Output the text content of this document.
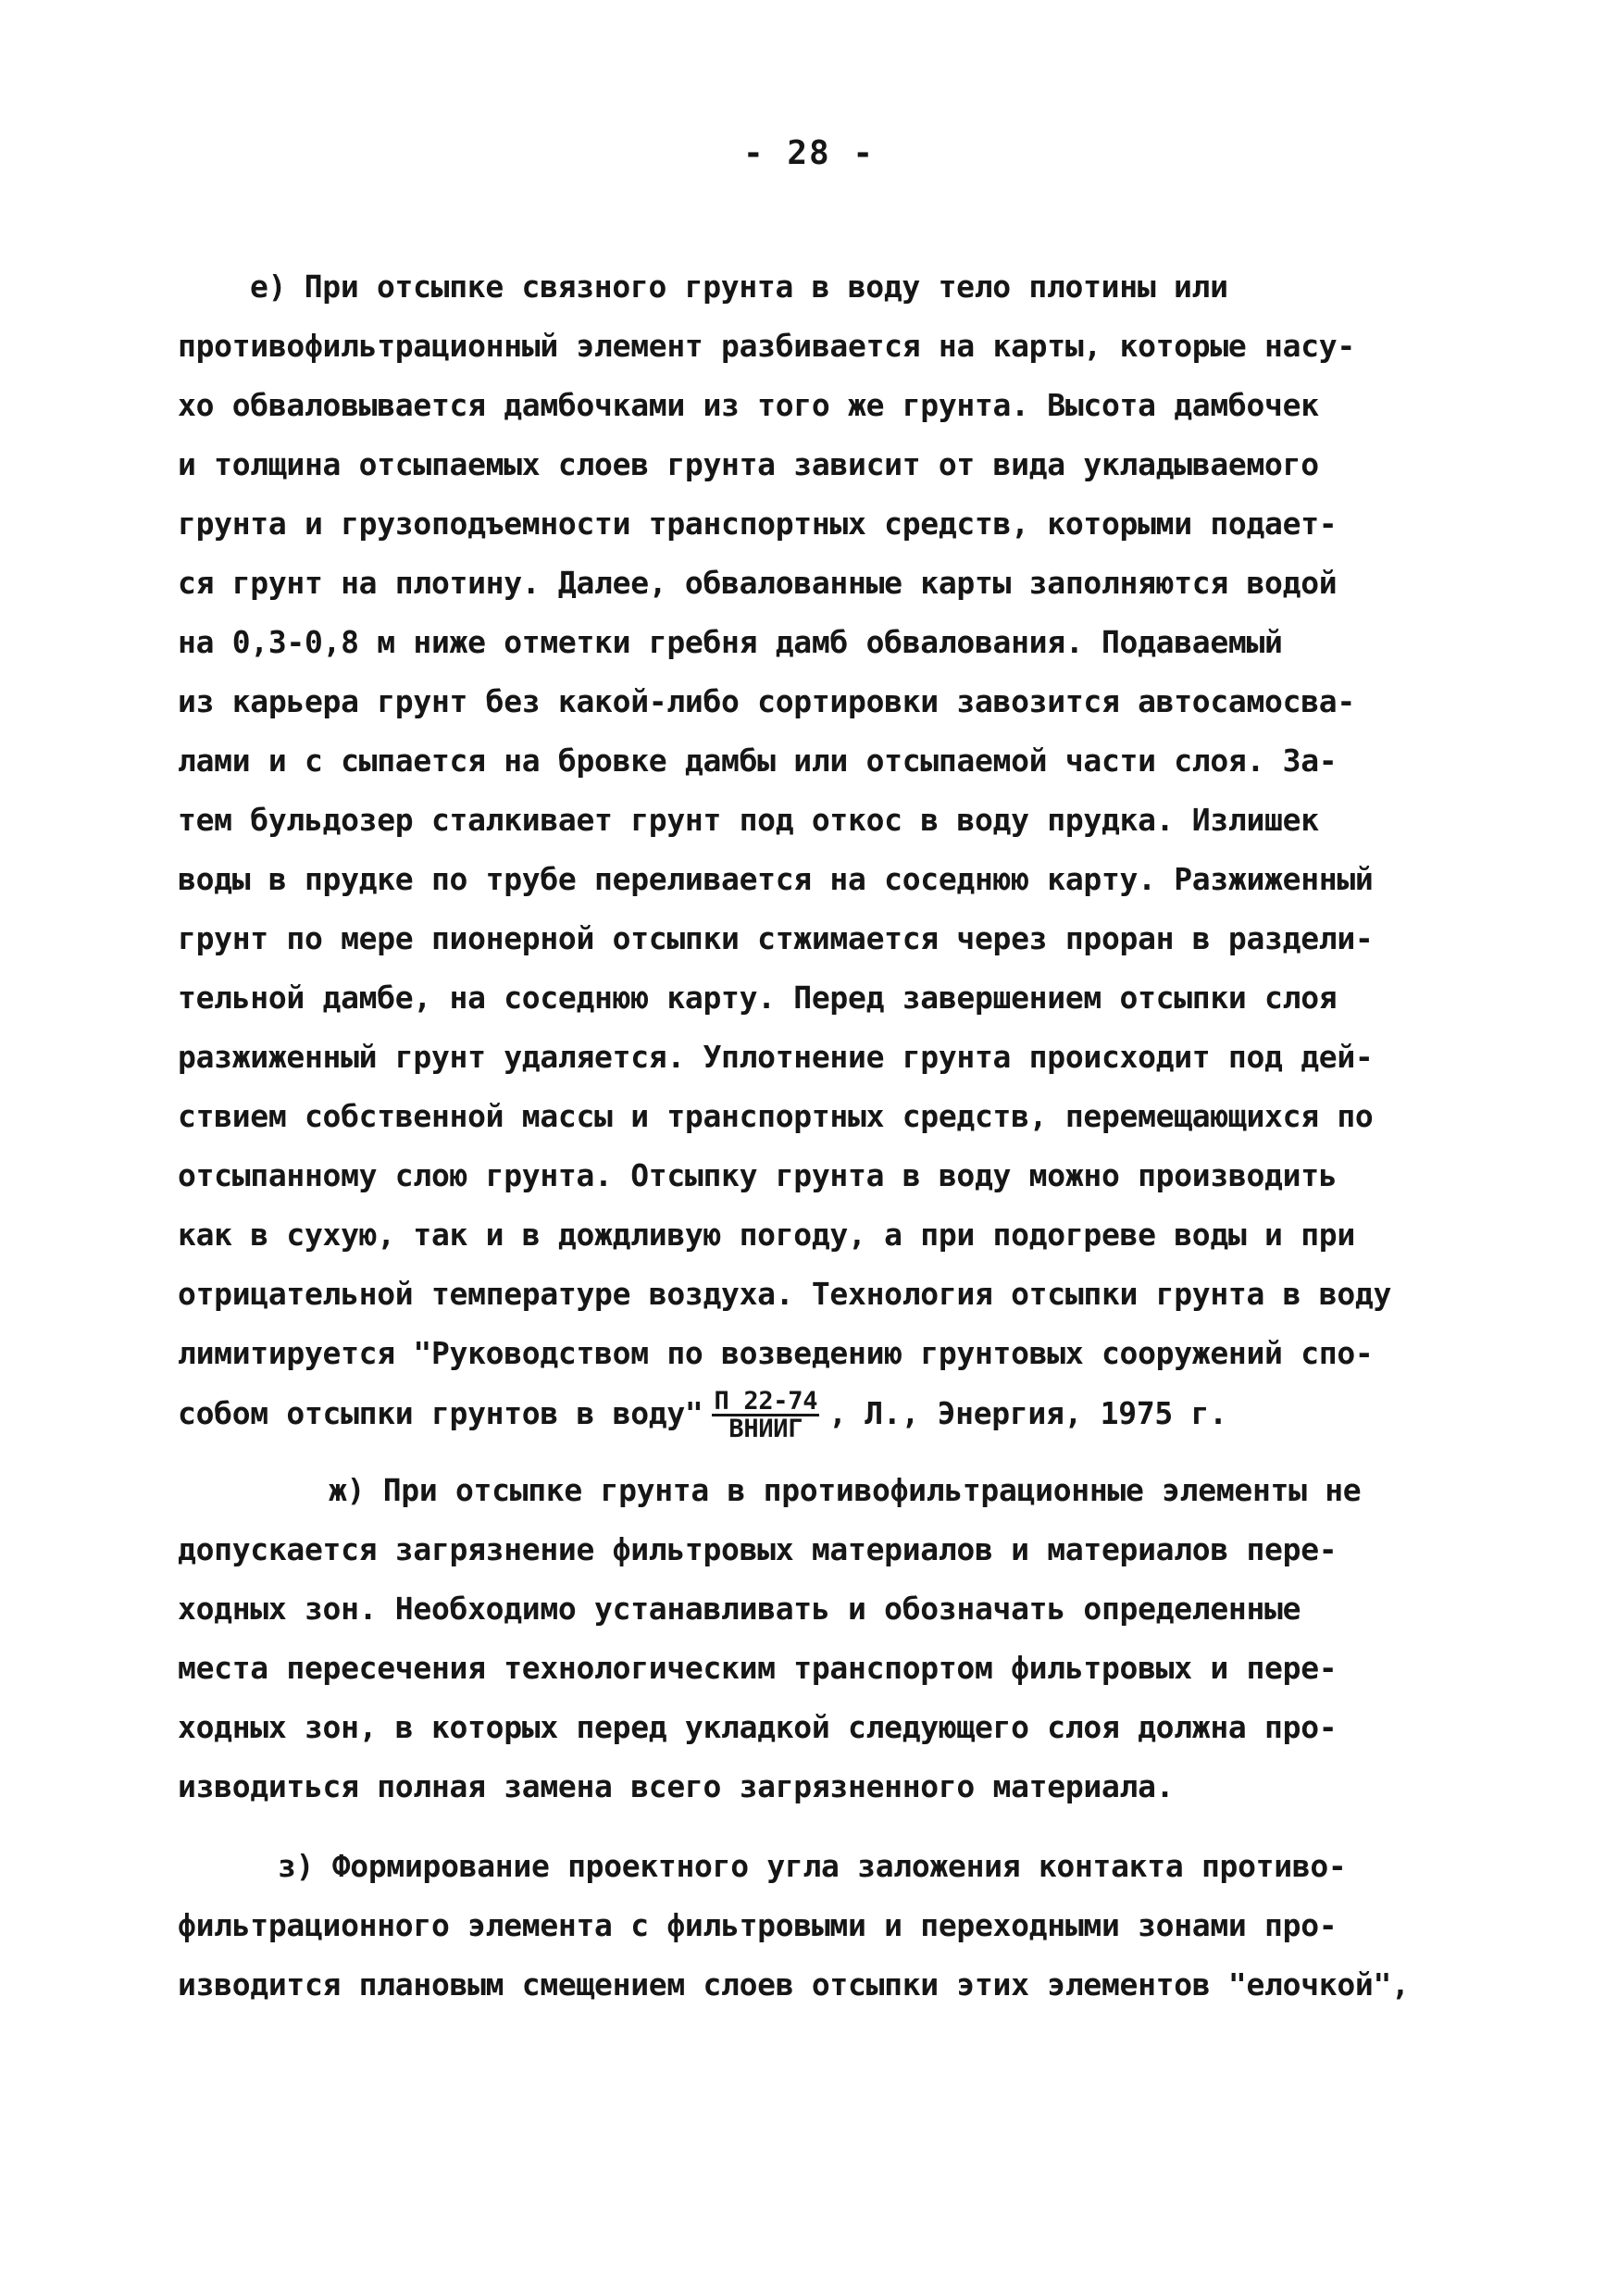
- 28 -
е) При отсыпке связного грунта в воду тело плотины или
противофильтрационный элемент разбивается на карты, которые насу-
хо обваловывается дамбочками из того же грунта. Высота дамбочек
и толщина отсыпаемых слоев грунта зависит от вида укладываемого
грунта и грузоподъемности транспортных средств, которыми подает-
ся грунт на плотину. Далее, обвалованные карты заполняются водой
на 0,3-0,8 м ниже отметки гребня дамб обвалования. Подаваемый
из карьера грунт без какой-либо сортировки завозится автосамосва-
лами и с сыпается на бровке дамбы или отсыпаемой части слоя. За-
тем бульдозер сталкивает грунт под откос в воду прудка. Излишек
воды в прудке по трубе переливается на соседнюю карту. Разжиженный
грунт по мере пионерной отсыпки стжимается через проран в раздели-
тельной дамбе, на соседнюю карту. Перед завершением отсыпки слоя
разжиженный грунт удаляется. Уплотнение грунта происходит под дей-
ствием собственной массы и транспортных средств, перемещающихся по
отсыпанному слою грунта. Отсыпку грунта в воду можно производить
как в сухую, так и в дождливую погоду, а при подогреве воды и при
отрицательной температуре воздуха. Технология отсыпки грунта в воду
лимитируется "Руководством по возведению грунтовых сооружений спо-
собом отсыпки грунтов в воду" $\frac{П 22-74}{\text{ВНИИГ}}$ , Л., Энергия, 1975 г.
ж) При отсыпке грунта в противофильтрационные элементы не
допускается загрязнение фильтровых материалов и материалов пере-
ходных зон. Необходимо устанавливать и обозначать определенные
места пересечения технологическим транспортом фильтровых и пере-
ходных зон, в которых перед укладкой следующего слоя должна про-
изводиться полная замена всего загрязненного материала.
з) Формирование проектного угла заложения контакта противо-
фильтрационного элемента с фильтровыми и переходными зонами про-
изводится плановым смещением слоев отсыпки этих элементов "елочкой",
